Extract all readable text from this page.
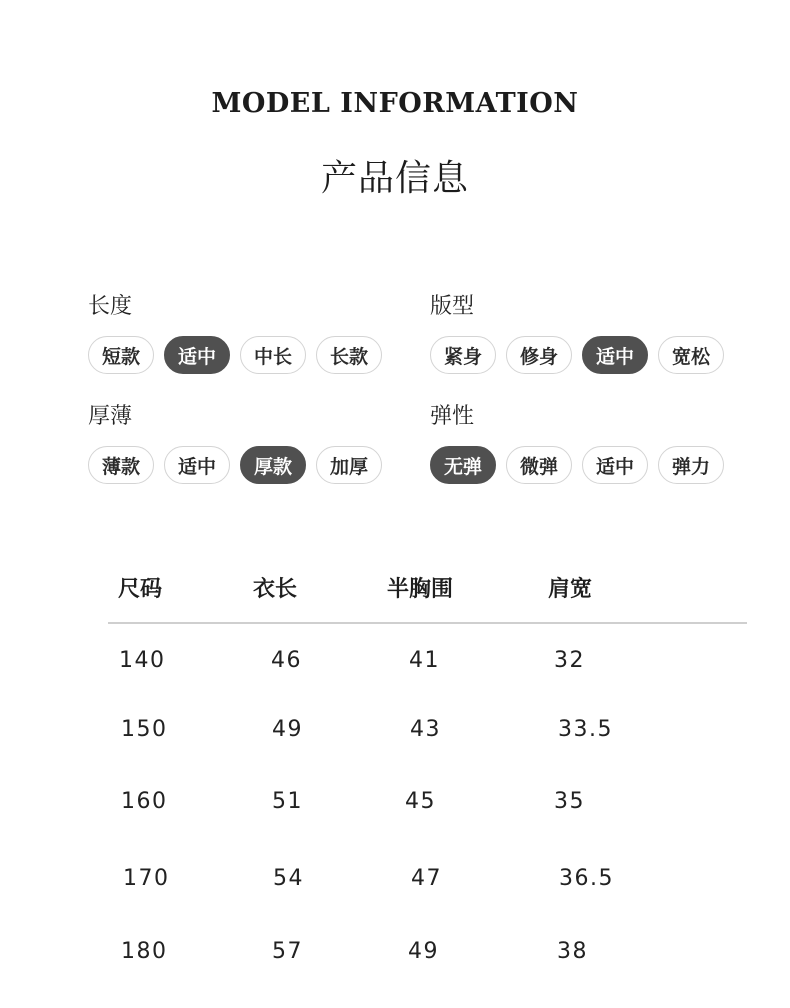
MODEL INFORMATION
产品信息
长度
短款	适中	中长	长款
版型
紧身	修身	适中	宽松
厚薄
薄款	适中	厚款	加厚
弹性
无弹	微弹	适中	弹力
尺码	衣长	半胸围	肩宽
140	46	41	32
150	49	43	33.5
160	51	45	35
170	54	47	36.5
180	57	49	38
